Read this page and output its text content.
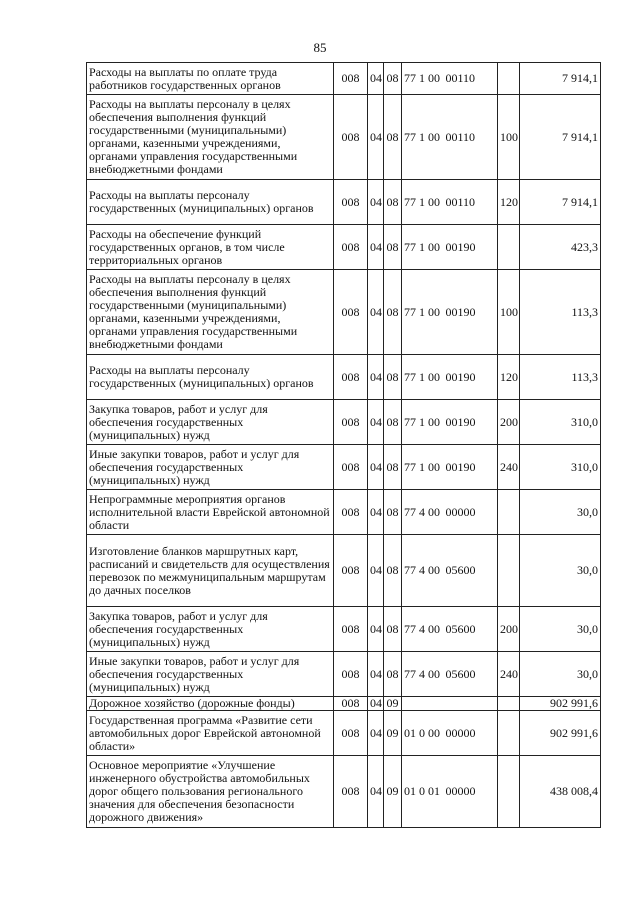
85
Расходы на выплаты по оплате труда работников государственных органов	008	04	08	77 1 00	00110		7 914,1
Расходы на выплаты персоналу в целях обеспечения выполнения функций государственными (муниципальными) органами, казенными учреждениями, органами управления государственными внебюджетными фондами	008	04	08	77 1 00	00110	100	7 914,1
Расходы на выплаты персоналу государственных (муниципальных) органов	008	04	08	77 1 00	00110	120	7 914,1
Расходы на обеспечение функций государственных органов, в том числе территориальных органов	008	04	08	77 1 00	00190		423,3
Расходы на выплаты персоналу в целях обеспечения выполнения функций государственными (муниципальными) органами, казенными учреждениями, органами управления государственными внебюджетными фондами	008	04	08	77 1 00	00190	100	113,3
Расходы на выплаты персоналу государственных (муниципальных) органов	008	04	08	77 1 00	00190	120	113,3
Закупка товаров, работ и услуг для обеспечения государственных (муниципальных) нужд	008	04	08	77 1 00	00190	200	310,0
Иные закупки товаров, работ и услуг для обеспечения государственных (муниципальных) нужд	008	04	08	77 1 00	00190	240	310,0
Непрограммные мероприятия органов исполнительной власти Еврейской автономной области	008	04	08	77 4 00	00000		30,0
Изготовление бланков маршрутных карт, расписаний и свидетельств для осуществления перевозок по межмуниципальным маршрутам до дачных поселков	008	04	08	77 4 00	05600		30,0
Закупка товаров, работ и услуг для обеспечения государственных (муниципальных) нужд	008	04	08	77 4 00	05600	200	30,0
Иные закупки товаров, работ и услуг для обеспечения государственных (муниципальных) нужд	008	04	08	77 4 00	05600	240	30,0
Дорожное хозяйство (дорожные фонды)	008	04	09				902 991,6
Государственная программа «Развитие сети автомобильных дорог Еврейской автономной области»	008	04	09	01 0 00	00000		902 991,6
Основное мероприятие «Улучшение инженерного обустройства автомобильных дорог общего пользования регионального значения для обеспечения безопасности дорожного движения»	008	04	09	01 0 01	00000		438 008,4
